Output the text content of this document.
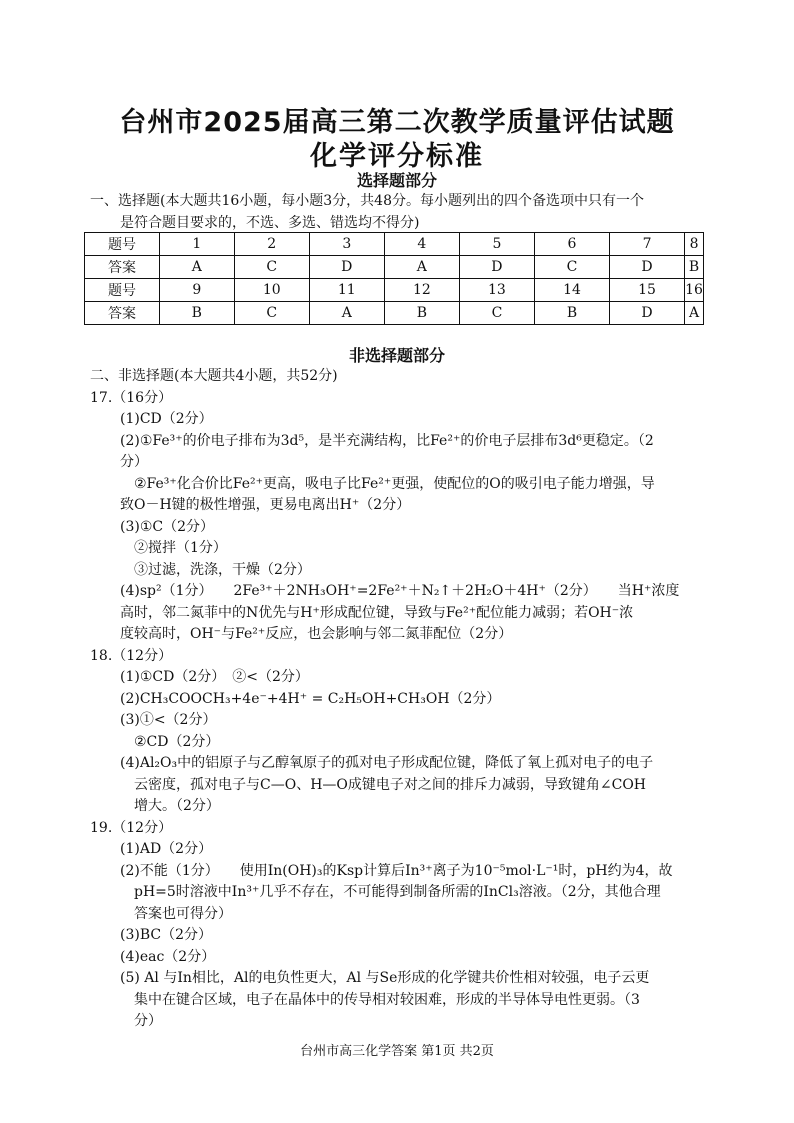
台州市2025届高三第二次教学质量评估试题
化学评分标准
选择题部分
一、选择题(本大题共16小题，每小题3分，共48分。每小题列出的四个备选项中只有一个
是符合题目要求的，不选、多选、错选均不得分)
题号	1	2	3	4	5	6	7	8
答案	A	C	D	A	D	C	D	B
题号	9	10	11	12	13	14	15	16
答案	B	C	A	B	C	B	D	A
非选择题部分
二、非选择题(本大题共4小题，共52分)
17.（16分）
(1)CD（2分）
(2)①Fe³⁺的价电子排布为3d⁵，是半充满结构，比Fe²⁺的价电子层排布3d⁶更稳定。（2
分）
②Fe³⁺化合价比Fe²⁺更高，吸电子比Fe²⁺更强，使配位的O的吸引电子能力增强，导
致O－H键的极性增强，更易电离出H⁺（2分）
(3)①C（2分）
②搅拌（1分）
③过滤，洗涤，干燥（2分）
(4)sp²（1分）　　2Fe³⁺＋2NH₃OH⁺=2Fe²⁺＋N₂↑＋2H₂O＋4H⁺（2分）　　当H⁺浓度
高时，邻二氮菲中的N优先与H⁺形成配位键，导致与Fe²⁺配位能力减弱；若OH⁻浓
度较高时，OH⁻与Fe²⁺反应，也会影响与邻二氮菲配位（2分）
18.（12分）
(1)①CD（2分）　②<（2分）
(2)CH₃COOCH₃+4e⁻+4H⁺ = C₂H₅OH+CH₃OH（2分）
(3)①<（2分）
②CD（2分）
(4)Al₂O₃中的铝原子与乙醇氧原子的孤对电子形成配位键，降低了氧上孤对电子的电子
云密度，孤对电子与C—O、H—O成键电子对之间的排斥力减弱，导致键角∠COH
增大。（2分）
19.（12分）
(1)AD（2分）
(2)不能（1分）　　使用In(OH)₃的Ksp计算后In³⁺离子为10⁻⁵mol·L⁻¹时，pH约为4，故
pH=5时溶液中In³⁺几乎不存在，不可能得到制备所需的InCl₃溶液。（2分，其他合理
答案也可得分）
(3)BC（2分）
(4)eac（2分）
(5) Al 与In相比，Al的电负性更大，Al 与Se形成的化学键共价性相对较强，电子云更
集中在键合区域，电子在晶体中的传导相对较困难，形成的半导体导电性更弱。（3
分）
台州市高三化学答案 第1页 共2页
